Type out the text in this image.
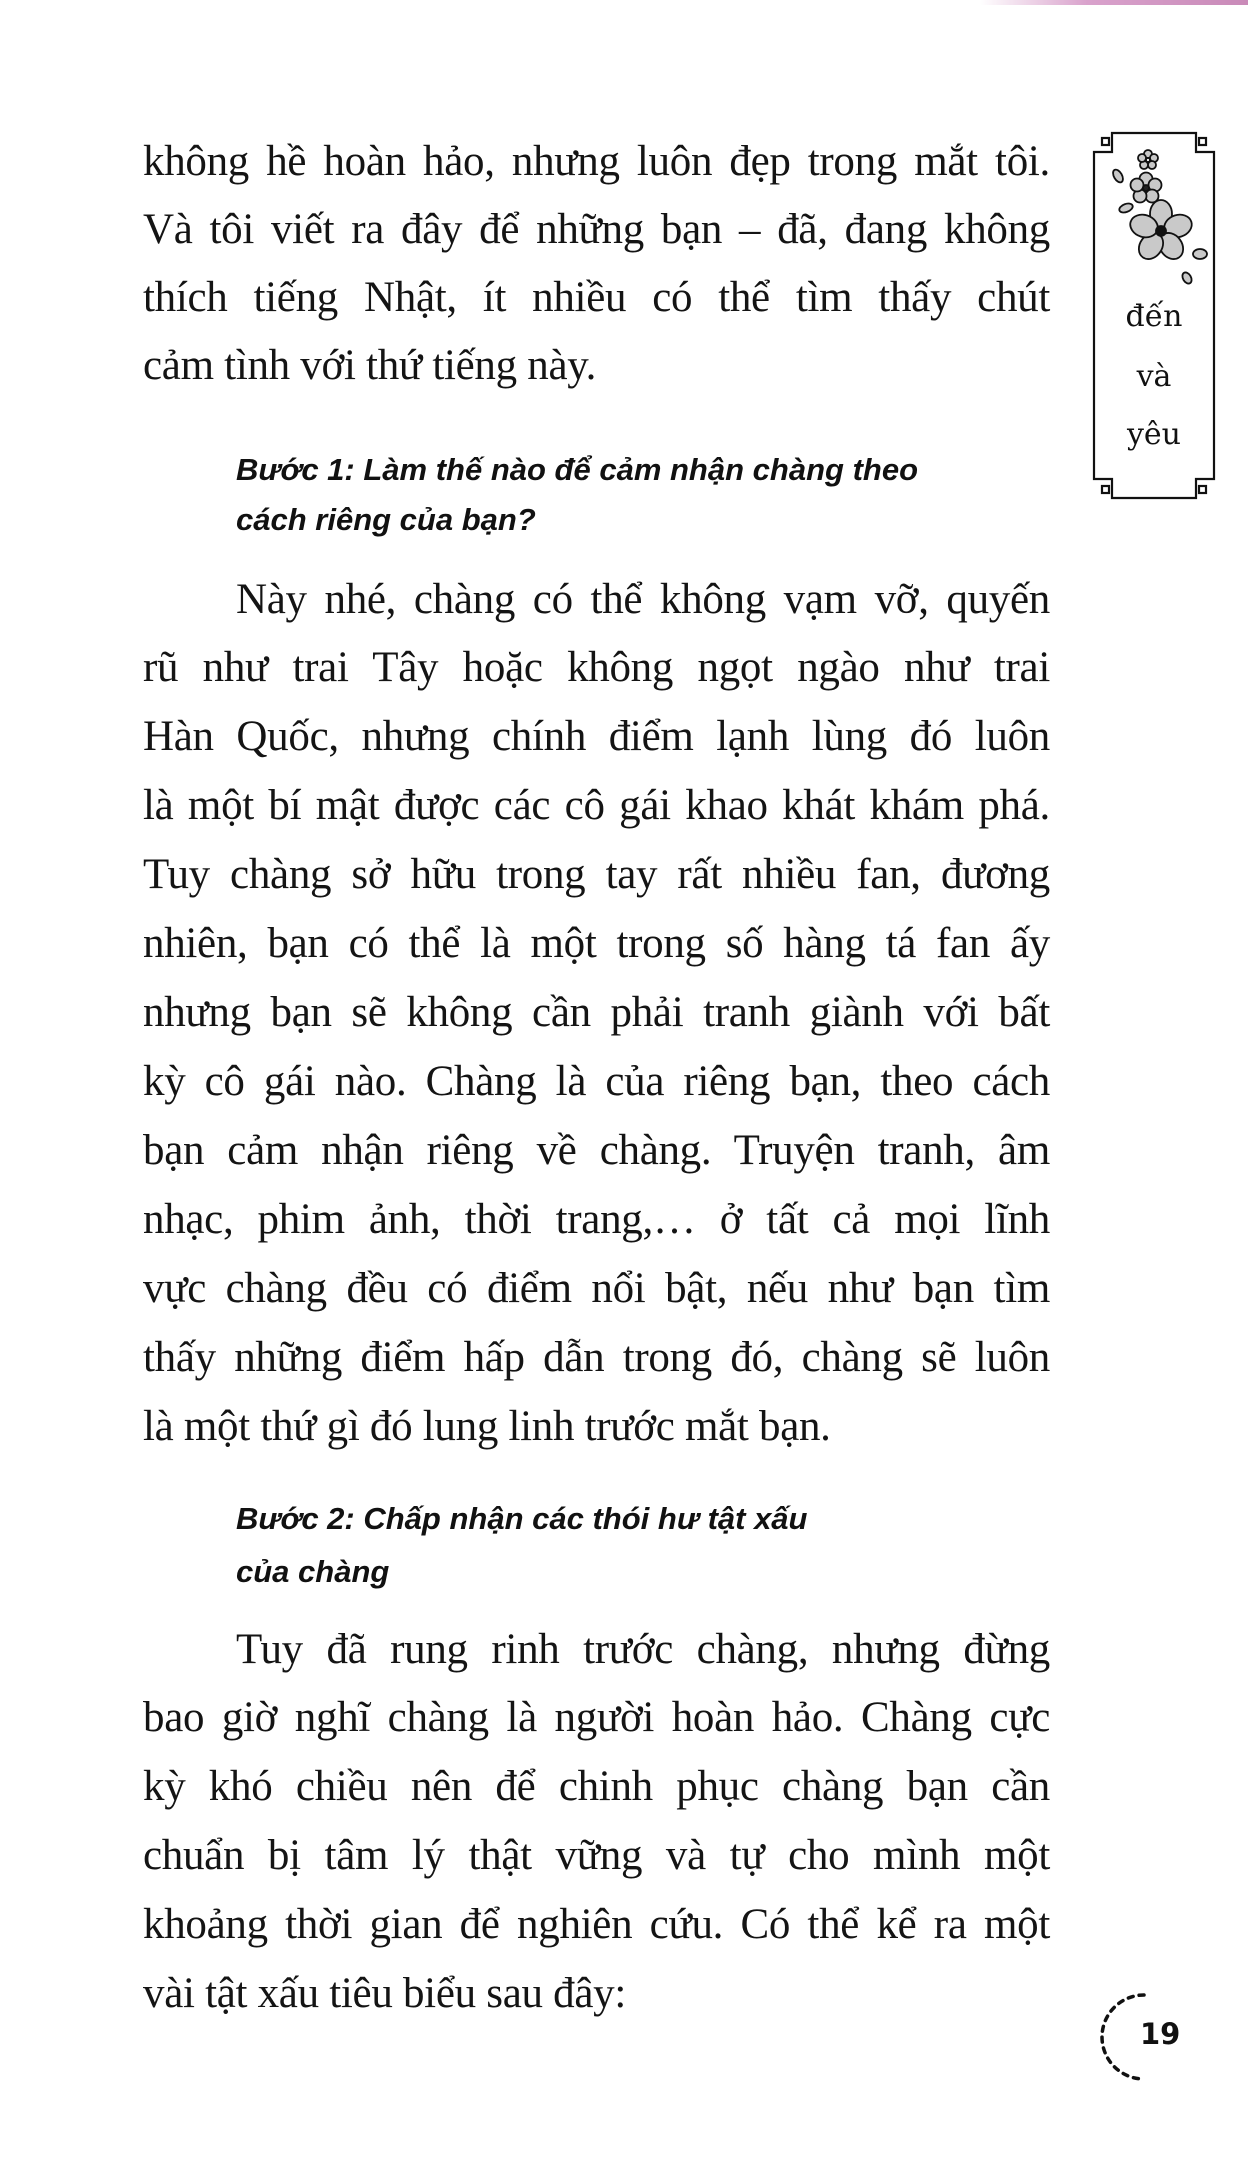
không hề hoàn hảo, nhưng luôn đẹp trong mắt tôi.
Và tôi viết ra đây để những bạn – đã, đang không
thích tiếng Nhật, ít nhiều có thể tìm thấy chút
cảm tình với thứ tiếng này.
Bước 1: Làm thế nào để cảm nhận chàng theo
cách riêng của bạn?
Này nhé, chàng có thể không vạm vỡ, quyến
rũ như trai Tây hoặc không ngọt ngào như trai
Hàn Quốc, nhưng chính điểm lạnh lùng đó luôn
là một bí mật được các cô gái khao khát khám phá.
Tuy chàng sở hữu trong tay rất nhiều fan, đương
nhiên, bạn có thể là một trong số hàng tá fan ấy
nhưng bạn sẽ không cần phải tranh giành với bất
kỳ cô gái nào. Chàng là của riêng bạn, theo cách
bạn cảm nhận riêng về chàng. Truyện tranh, âm
nhạc, phim ảnh, thời trang,… ở tất cả mọi lĩnh
vực chàng đều có điểm nổi bật, nếu như bạn tìm
thấy những điểm hấp dẫn trong đó, chàng sẽ luôn
là một thứ gì đó lung linh trước mắt bạn.
Bước 2: Chấp nhận các thói hư tật xấu
của chàng
Tuy đã rung rinh trước chàng, nhưng đừng
bao giờ nghĩ chàng là người hoàn hảo. Chàng cực
kỳ khó chiều nên để chinh phục chàng bạn cần
chuẩn bị tâm lý thật vững và tự cho mình một
khoảng thời gian để nghiên cứu. Có thể kể ra một
vài tật xấu tiêu biểu sau đây:
đến
và
yêu
19
